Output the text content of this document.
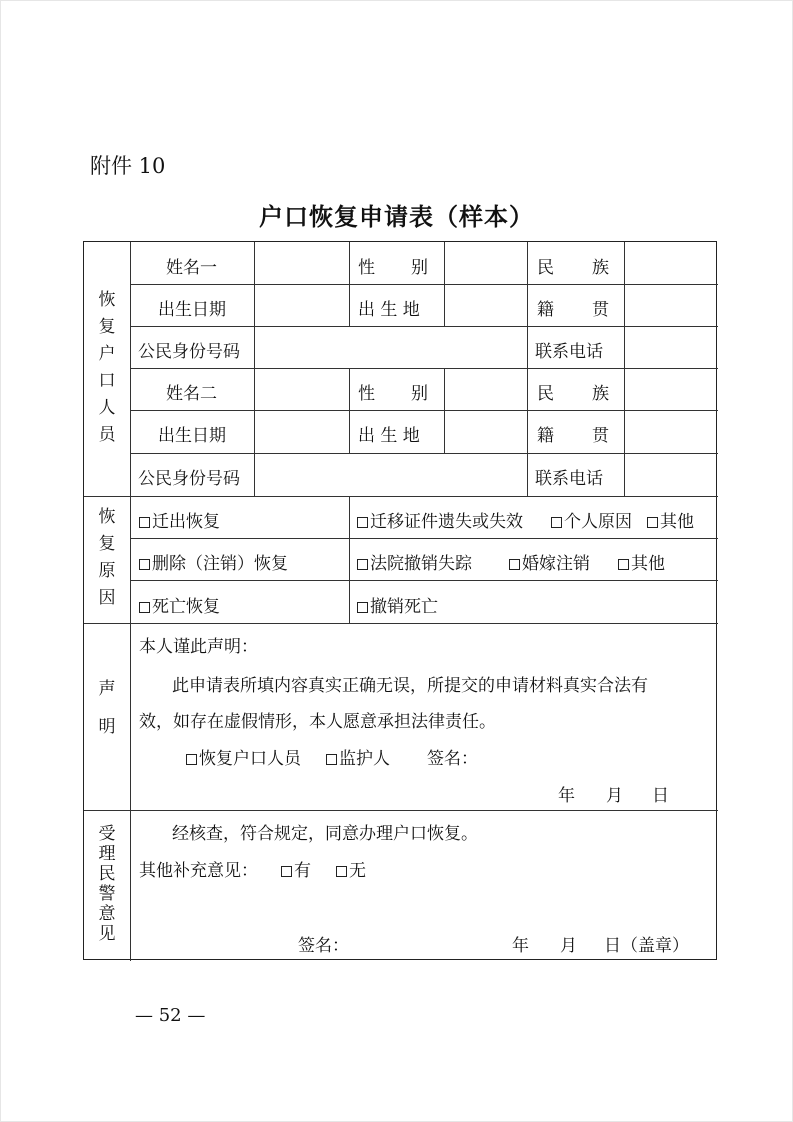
附件 10
户口恢复申请表（样本）
恢
复
户
口
人
员
姓名一	性 别	民 族
出生日期	出 生 地	籍 贯
公民身份号码	联系电话
姓名二	性 别	民 族
出生日期	出 生 地	籍 贯
公民身份号码	联系电话
恢
复
原
因
迁出恢复	迁移证件遗失或失效	个人原因	其他
删除（注销）恢复	法院撤销失踪	婚嫁注销	其他
死亡恢复	撤销死亡
声
明
本人谨此声明：
此申请表所填内容真实正确无误，所提交的申请材料真实合法有
效，如存在虚假情形，本人愿意承担法律责任。
恢复户口人员	监护人 签名：
年 月 日
受
理
民
警
意
见
经核查，符合规定，同意办理户口恢复。
其他补充意见：	有	无
签名：	年 月 日（盖章）
— 52 —
